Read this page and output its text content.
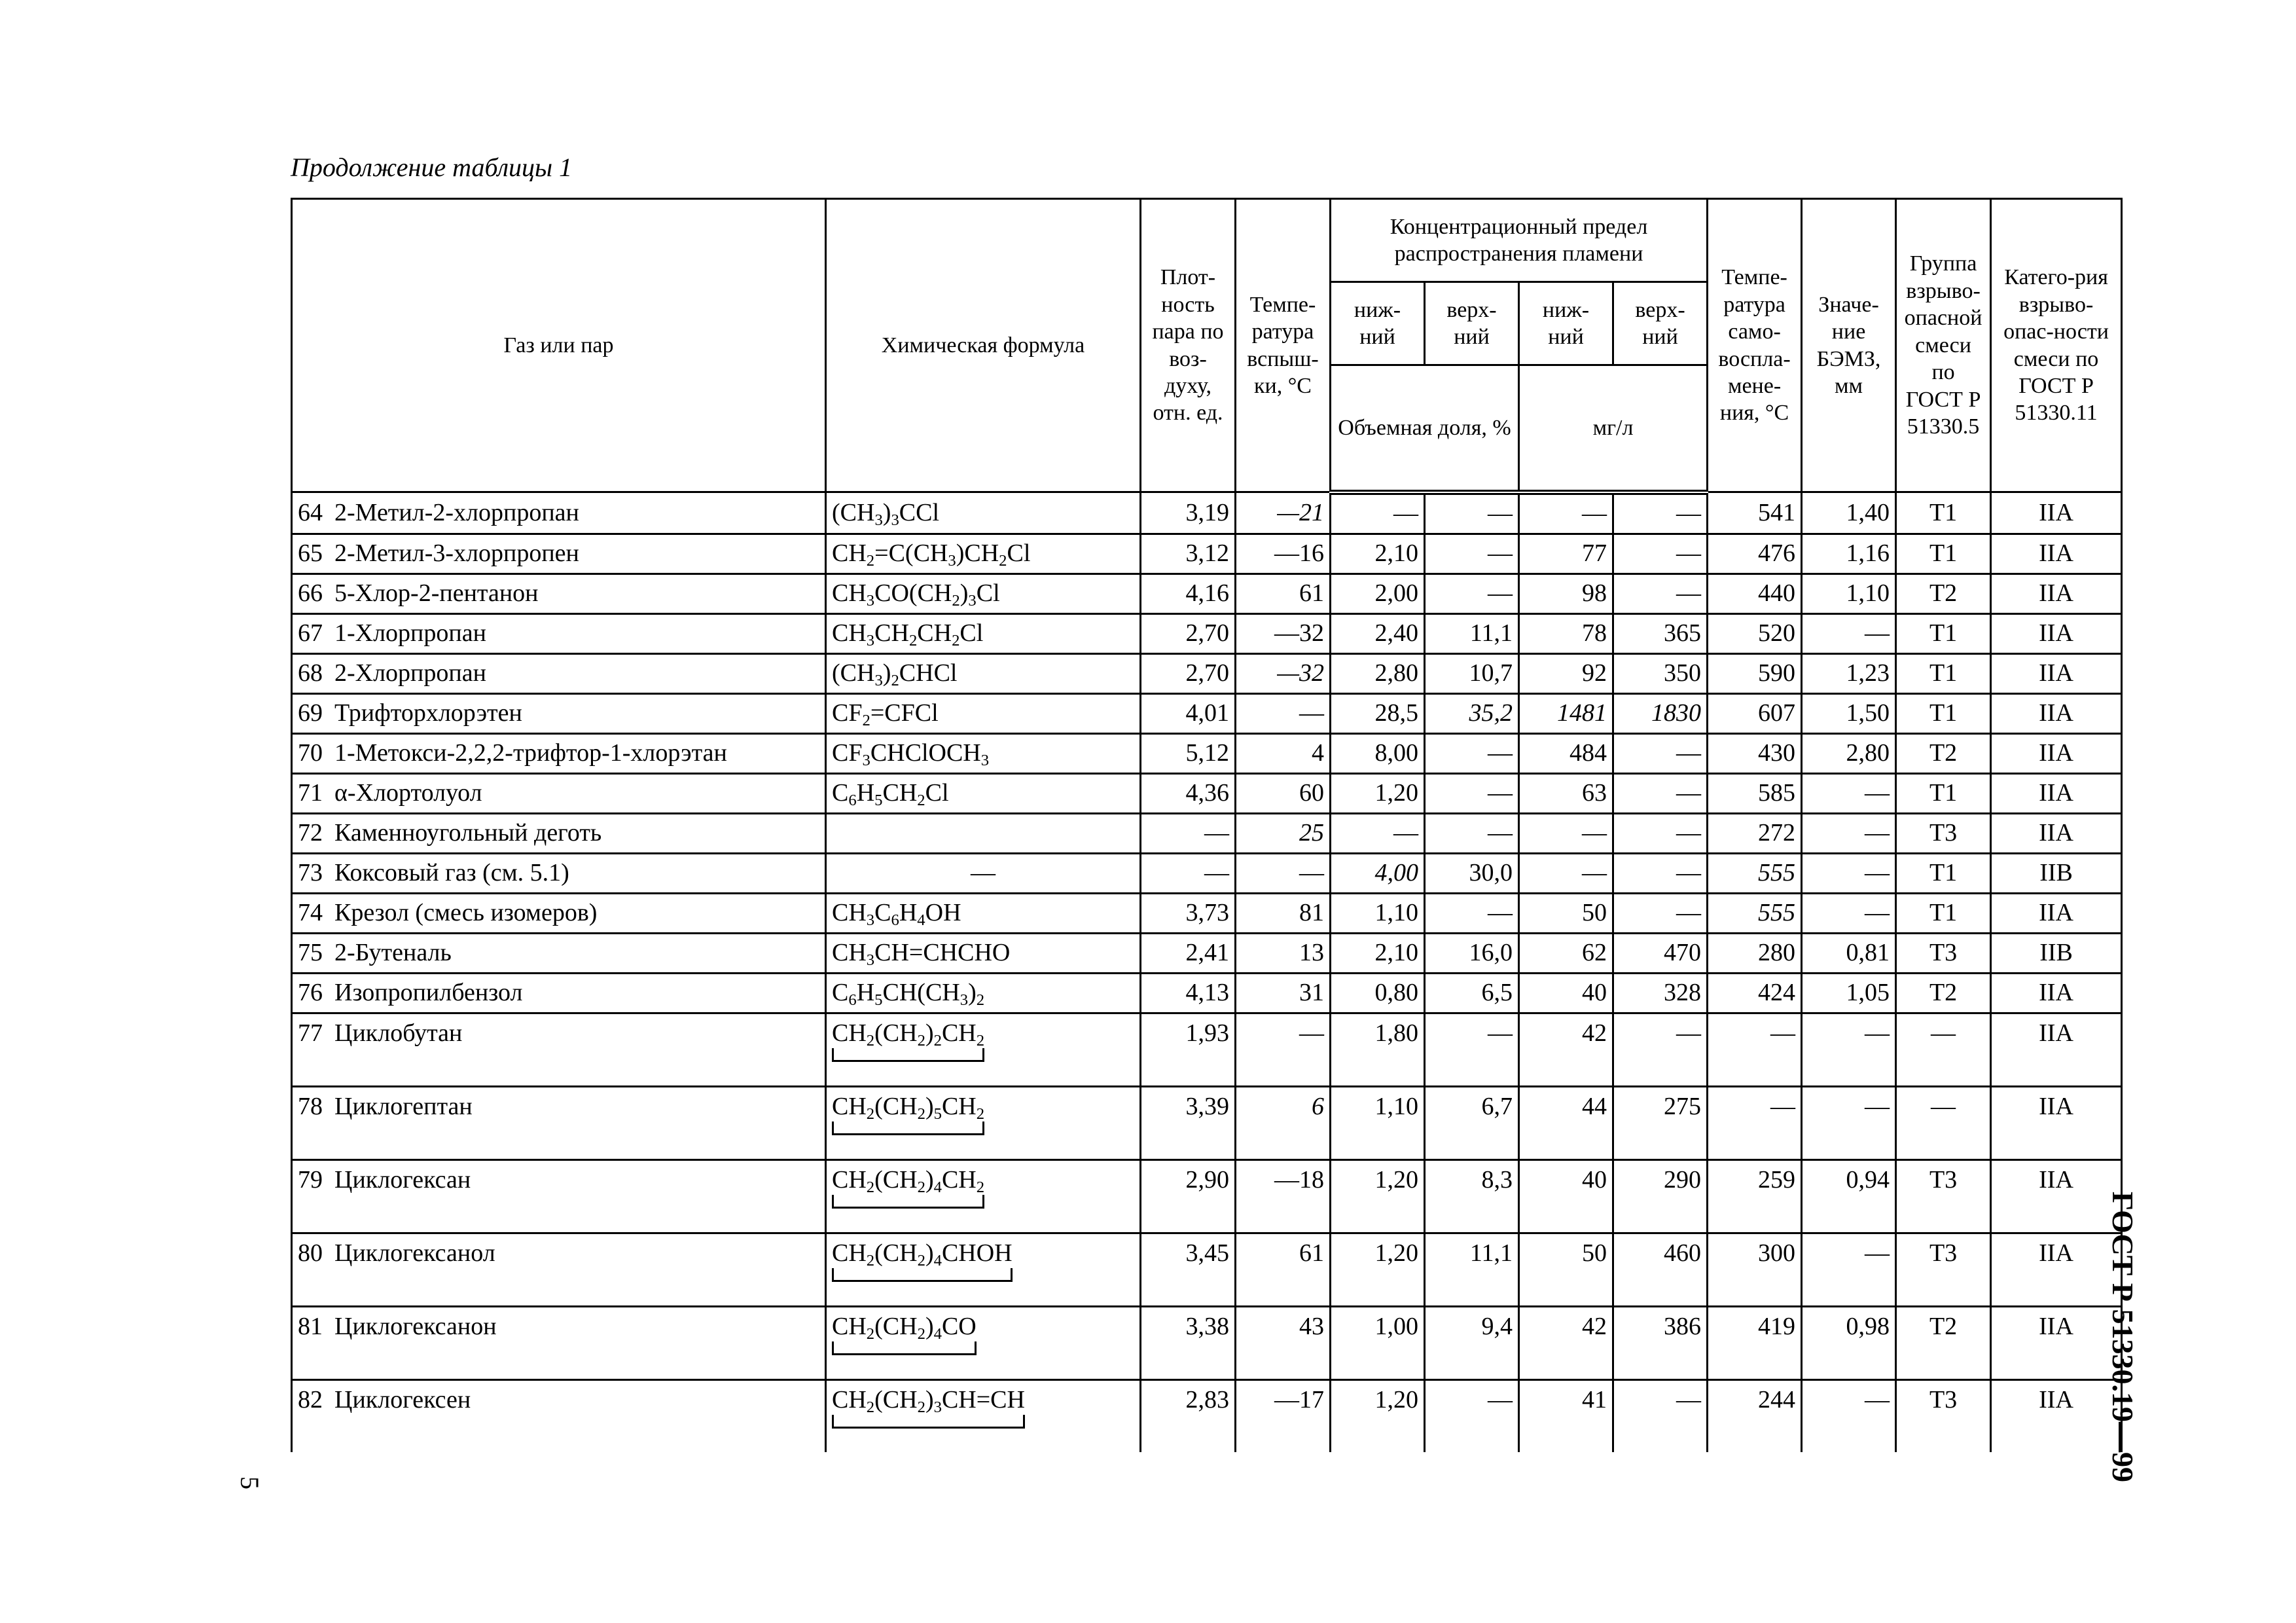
Продолжение таблицы 1
Газ или пар	Химическая формула	Плот-ность пара по воз-духу, отн. ед.	Темпе-ратура вспыш-ки, °С	Концентрационный предел распространения пламени				Темпе-ратура само-воспла-мене-ния, °С	Значе-ние БЭМЗ, мм	Группа взрыво-опасной смеси по ГОСТ Р 51330.5	Катего-рия взрыво-опас-ности смеси по ГОСТ Р 51330.11
				ниж-ний	верх-ний	ниж-ний	верх-ний				
				Объемная доля, %		мг/л					
64 2-Метил-2-хлорпропан	$(CH_3)_3CCl$	3,19	—21	—	—	—	—	541	1,40	T1	IIA
65 2-Метил-3-хлорпропен	$CH_2=C(CH_3)CH_2Cl$	3,12	—16	2,10	—	77	—	476	1,16	T1	IIA
66 5-Хлор-2-пентанон	$CH_3CO(CH_2)_3Cl$	4,16	61	2,00	—	98	—	440	1,10	T2	IIA
67 1-Хлорпропан	$CH_3CH_2CH_2Cl$	2,70	—32	2,40	11,1	78	365	520	—	T1	IIA
68 2-Хлорпропан	$(CH_3)_2CHCl$	2,70	—32	2,80	10,7	92	350	590	1,23	T1	IIA
69 Трифторхлорэтен	$CF_2=CFCl$	4,01	—	28,5	35,2	1481	1830	607	1,50	T1	IIA
70 1-Метокси-2,2,2-трифтор-1-хлорэтан	$CF_3CHClOCH_3$	5,12	4	8,00	—	484	—	430	2,80	T2	IIA
71 α-Хлортолуол	$C_6H_5CH_2Cl$	4,36	60	1,20	—	63	—	585	—	T1	IIA
72 Каменноугольный деготь		—	25	—	—	—	—	272	—	T3	IIA
73 Коксовый газ (см. 5.1)	—	—	—	4,00	30,0	—	—	555	—	T1	IIB
74 Крезол (смесь изомеров)	$CH_3C_6H_4OH$	3,73	81	1,10	—	50	—	555	—	T1	IIA
75 2-Бутеналь	$CH_3CH=CHCHO$	2,41	13	2,10	16,0	62	470	280	0,81	T3	IIB
76 Изопропилбензол	$C_6H_5CH(CH_3)_2$	4,13	31	0,80	6,5	40	328	424	1,05	T2	IIA
77 Циклобутан	$CH_2(CH_2)_2CH_2$	1,93	—	1,80	—	42	—	—	—	—	IIA
78 Циклогептан	$CH_2(CH_2)_5CH_2$	3,39	6	1,10	6,7	44	275	—	—	—	IIA
79 Циклогексан	$CH_2(CH_2)_4CH_2$	2,90	—18	1,20	8,3	40	290	259	0,94	T3	IIA
80 Циклогексанол	$CH_2(CH_2)_4CHOH$	3,45	61	1,20	11,1	50	460	300	—	T3	IIA
81 Циклогексанон	$CH_2(CH_2)_4CO$	3,38	43	1,00	9,4	42	386	419	0,98	T2	IIA
82 Циклогексен	$CH_2(CH_2)_3CH=CH$	2,83	—17	1,20	—	41	—	244	—	T3	IIA ГОСТ Р 51330.19—99
5
